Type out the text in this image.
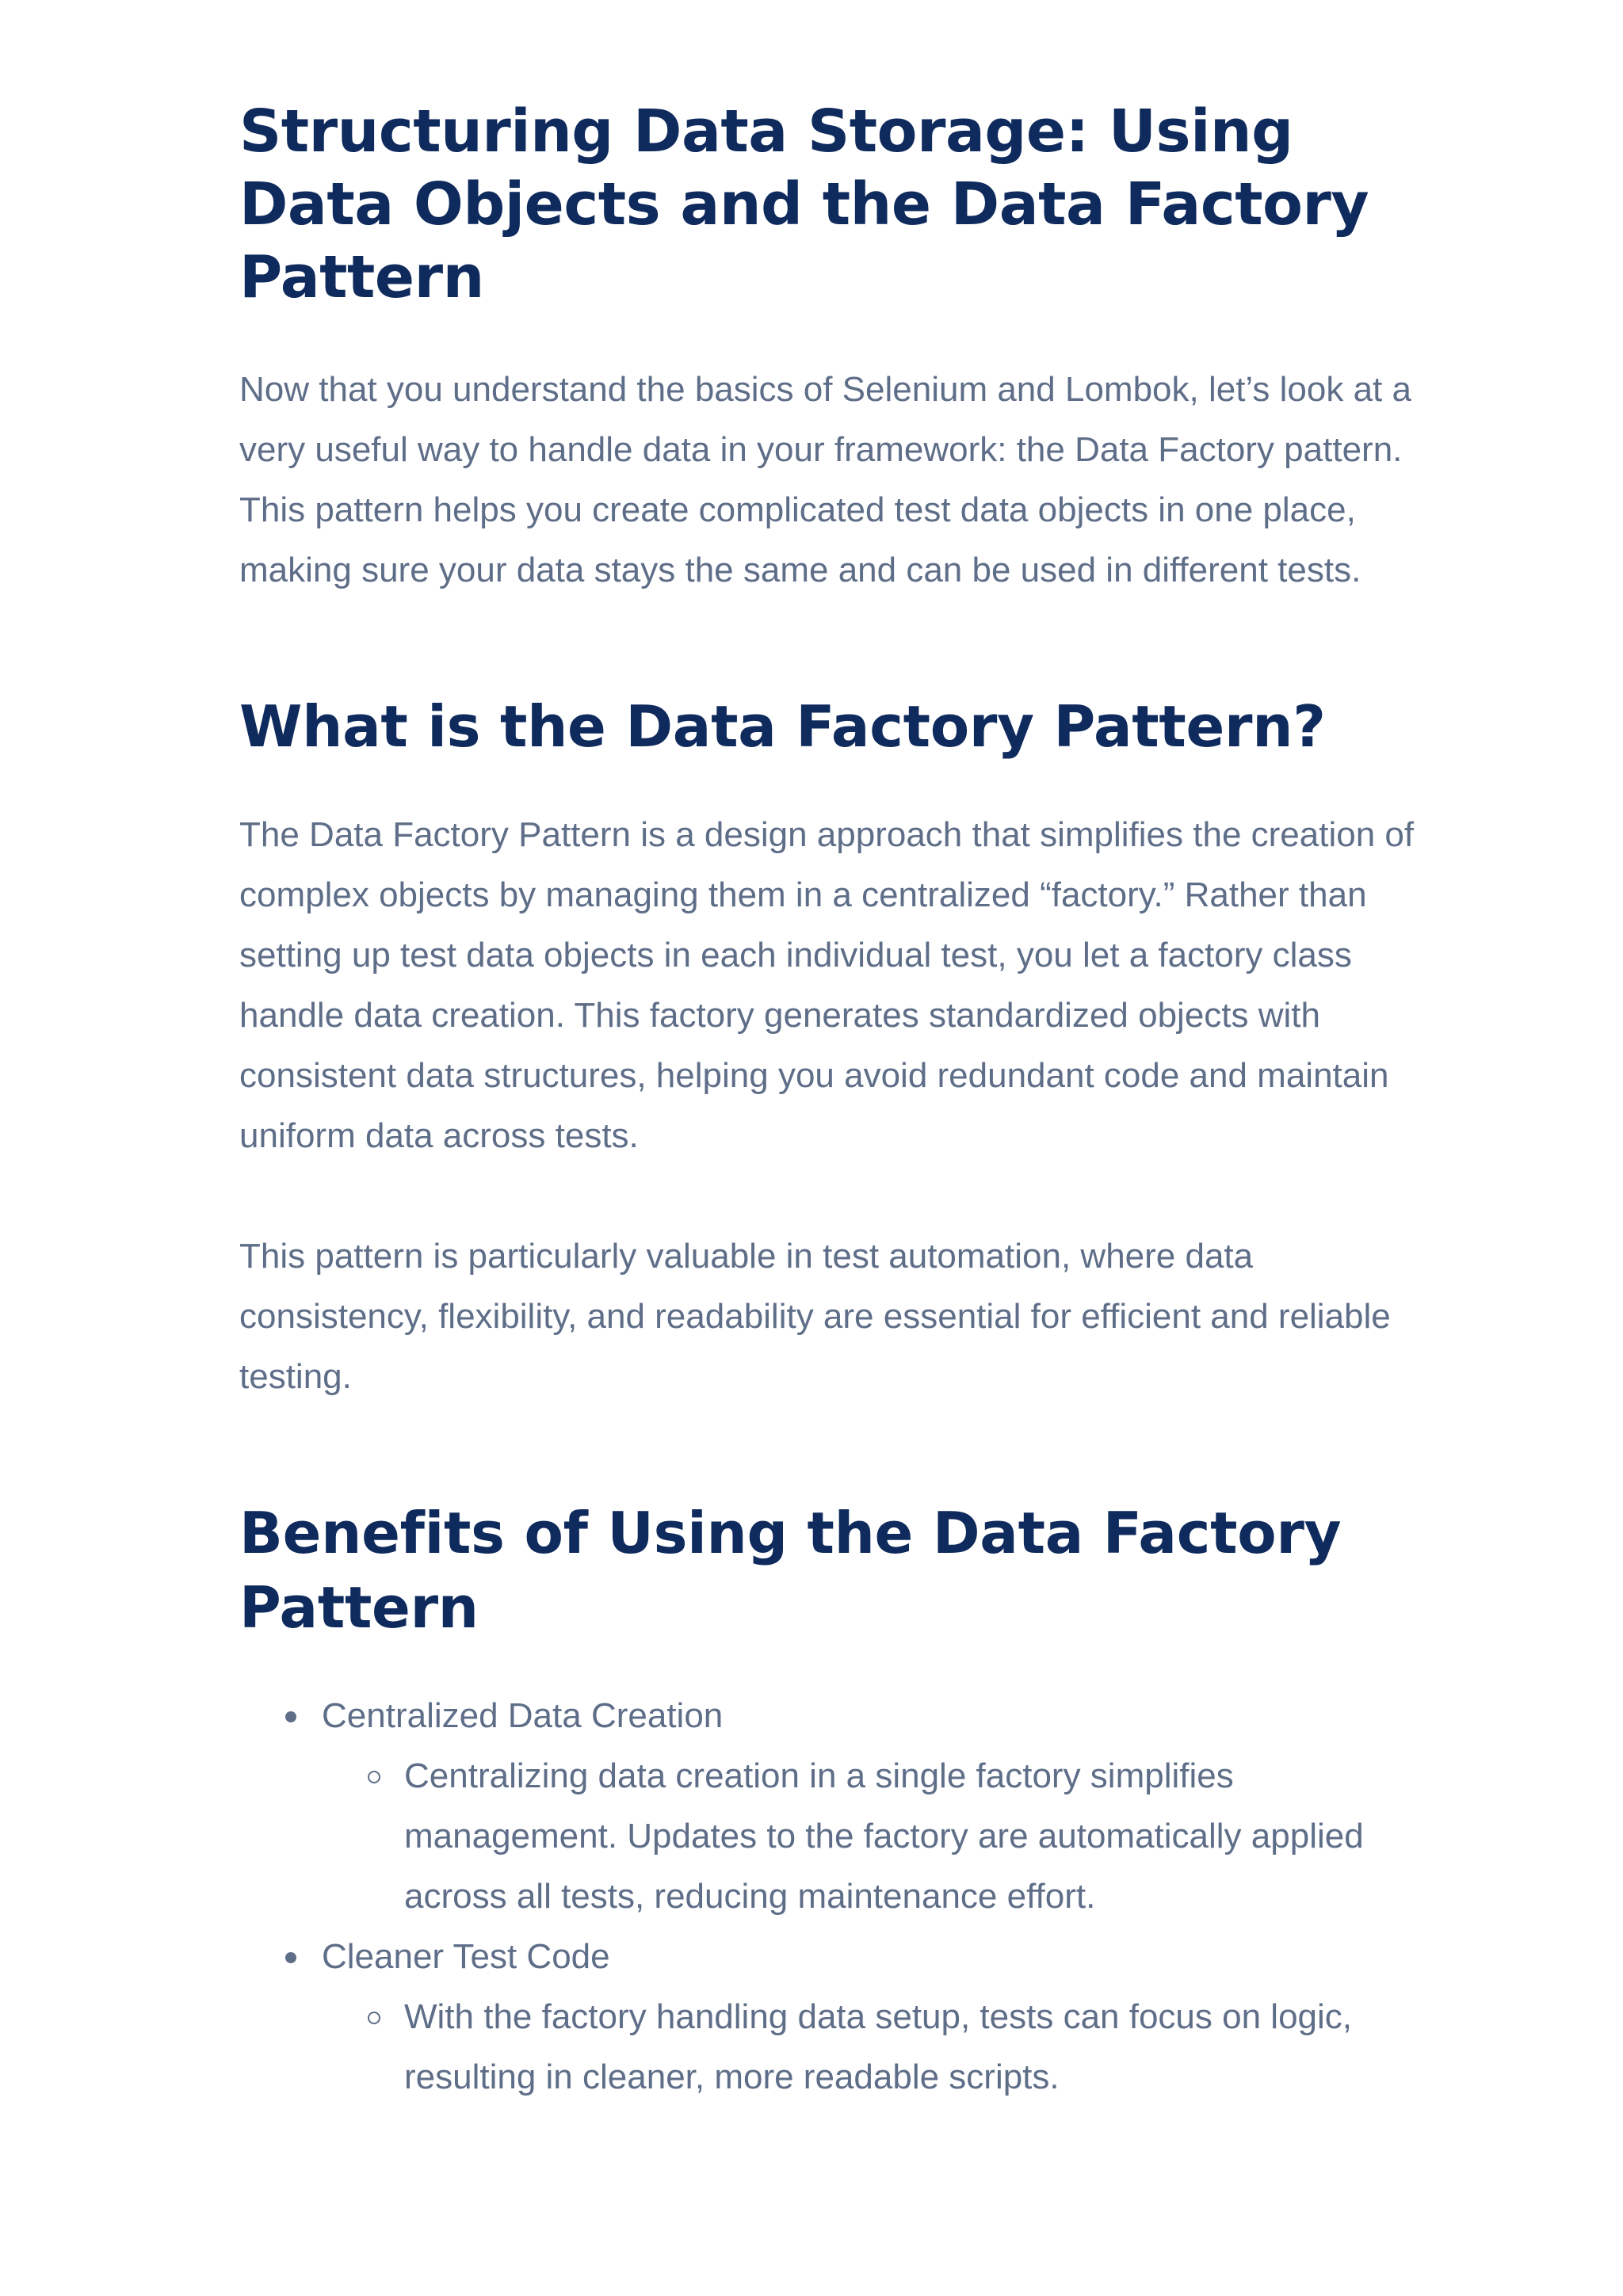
Structuring Data Storage: Using Data Objects and the Data Factory Pattern

Now that you understand the basics of Selenium and Lombok, let’s look at a very useful way to handle data in your framework: the Data Factory pattern. This pattern helps you create complicated test data objects in one place, making sure your data stays the same and can be used in different tests.

What is the Data Factory Pattern?

The Data Factory Pattern is a design approach that simplifies the creation of complex objects by managing them in a centralized “factory.” Rather than setting up test data objects in each individual test, you let a factory class handle data creation. This factory generates standardized objects with consistent data structures, helping you avoid redundant code and maintain uniform data across tests.

This pattern is particularly valuable in test automation, where data consistency, flexibility, and readability are essential for efficient and reliable testing.

Benefits of Using the Data Factory Pattern
Centralized Data Creation
Centralizing data creation in a single factory simplifies management. Updates to the factory are automatically applied across all tests, reducing maintenance effort.
Cleaner Test Code
With the factory handling data setup, tests can focus on logic, resulting in cleaner, more readable scripts.
